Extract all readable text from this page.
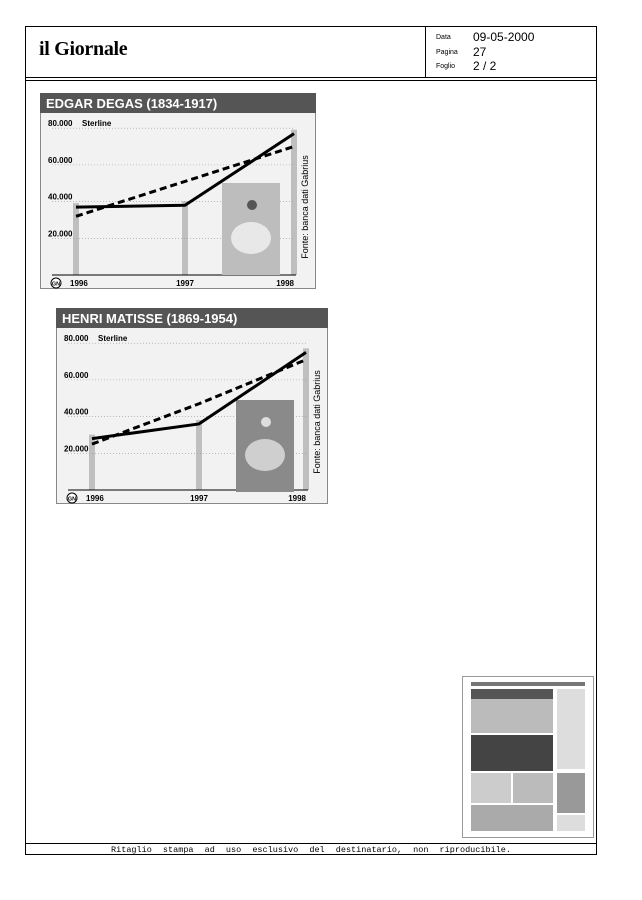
il Giornale
Data 09-05-2000
Pagina 27
Foglio 2 / 2
EDGAR DEGAS (1834-1917)
20.000
40.000
60.000
80.000 Sterline
1996	1997	1998
GN
Fonte: banca dati Gabrius
HENRI MATISSE (1869-1954)
20.000
40.000
60.000
80.000 Sterline
1996	1997	1998
GN
Fonte: banca dati Gabrius
Ritaglio stampa ad uso esclusivo del destinatario, non riproducibile.
